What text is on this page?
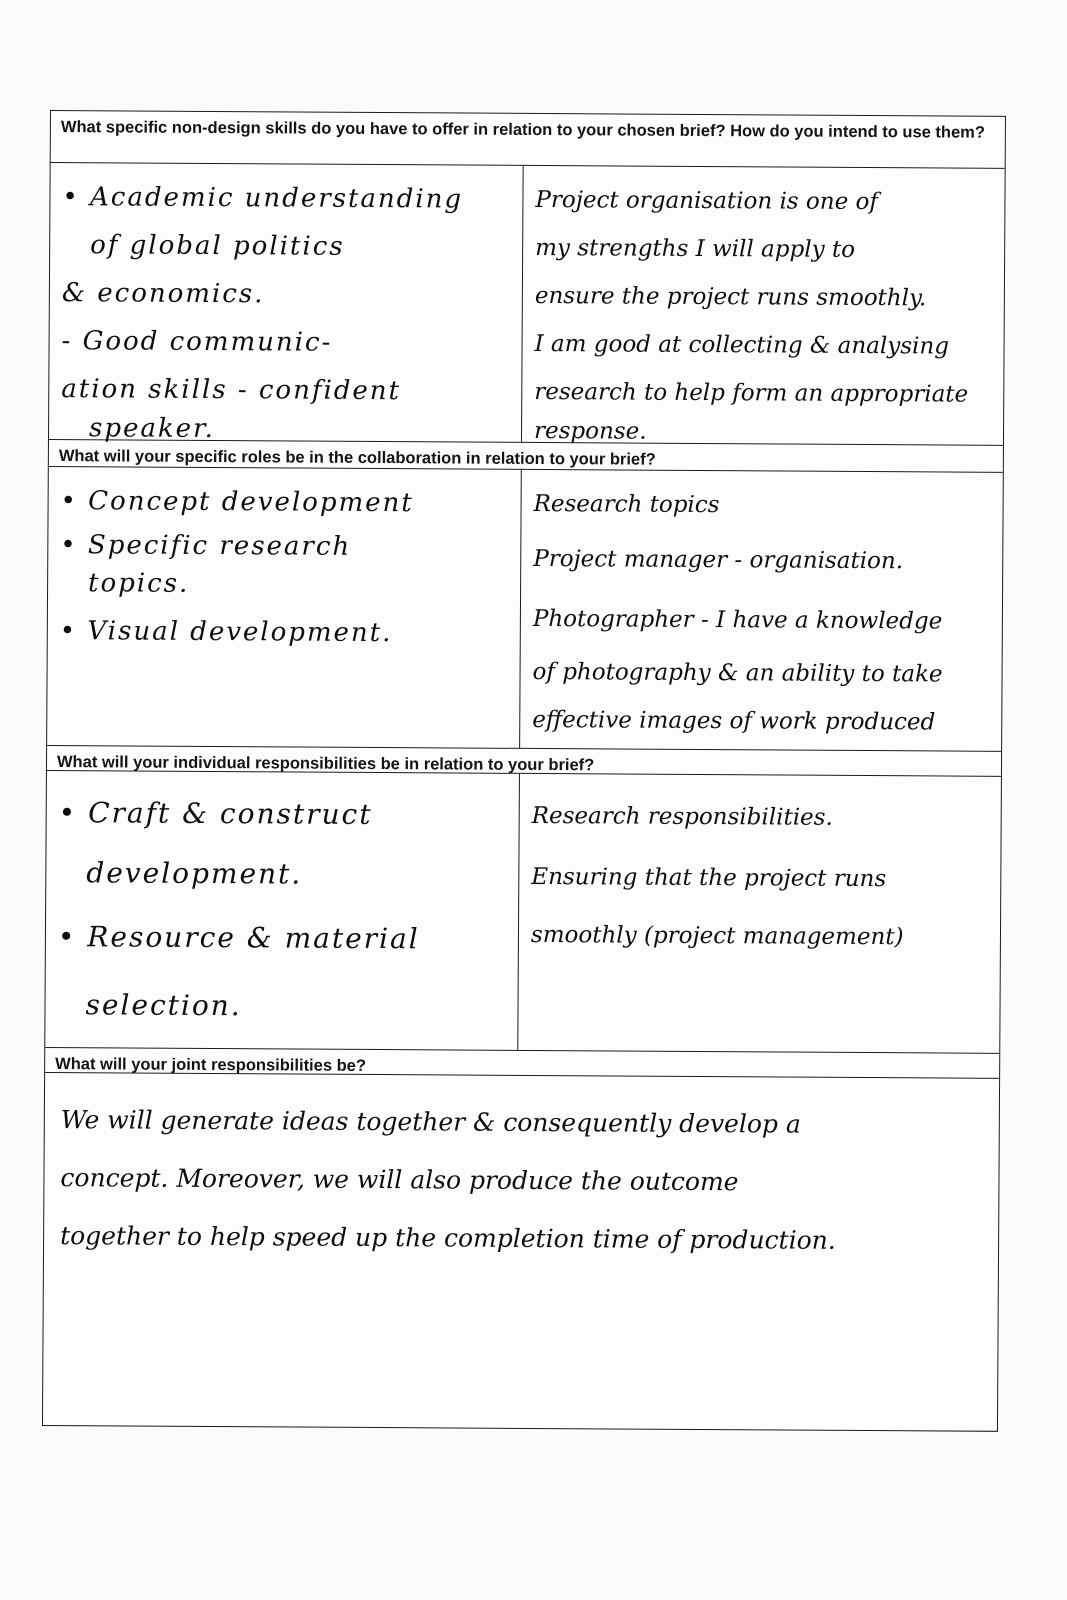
What specific non-design skills do you have to offer in relation to your chosen brief? How do you intend to use them?
• Academic understanding
of global politics
& economics.
- Good communic-
ation skills - confident
speaker.
Project organisation is one of
my strengths I will apply to
ensure the project runs smoothly.
I am good at collecting & analysing
research to help form an appropriate
response.
What will your specific roles be in the collaboration in relation to your brief?
• Concept development
• Specific research
topics.
• Visual development.
Research topics
Project manager - organisation.
Photographer - I have a knowledge
of photography & an ability to take
effective images of work produced
What will your individual responsibilities be in relation to your brief?
• Craft & construct
development.
• Resource & material
selection.
Research responsibilities.
Ensuring that the project runs
smoothly (project management)
What will your joint responsibilities be?
We will generate ideas together & consequently develop a
concept. Moreover, we will also produce the outcome
together to help speed up the completion time of production.
